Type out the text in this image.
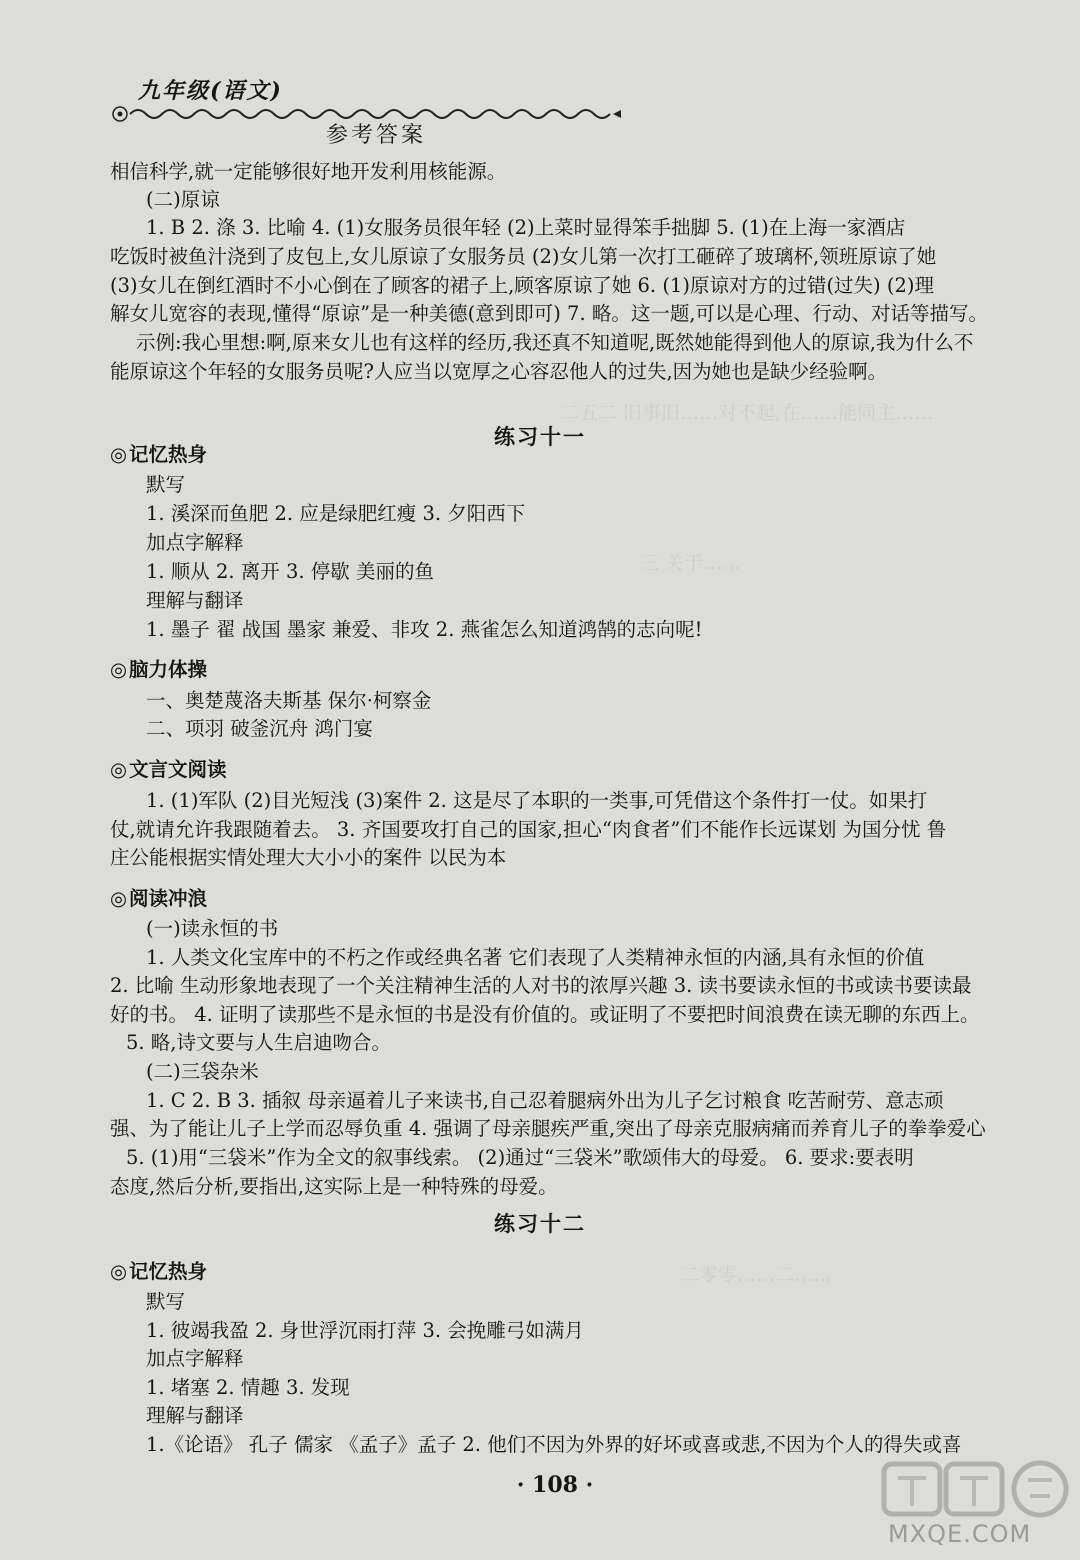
二五二 旧事旧……对不起,在……能同主……
三 关于……
二零零……二……
九年级(语文)
参考答案
相信科学,就一定能够很好地开发利用核能源。
(二)原谅
1. B 2. 涤 3. 比喻 4. (1)女服务员很年轻 (2)上菜时显得笨手拙脚 5. (1)在上海一家酒店
吃饭时被鱼汁浇到了皮包上,女儿原谅了女服务员 (2)女儿第一次打工砸碎了玻璃杯,领班原谅了她
(3)女儿在倒红酒时不小心倒在了顾客的裙子上,顾客原谅了她 6. (1)原谅对方的过错(过失) (2)理
解女儿宽容的表现,懂得“原谅”是一种美德(意到即可) 7. 略。这一题,可以是心理、行动、对话等描写。
示例:我心里想:啊,原来女儿也有这样的经历,我还真不知道呢,既然她能得到他人的原谅,我为什么不
能原谅这个年轻的女服务员呢?人应当以宽厚之心容忍他人的过失,因为她也是缺少经验啊。
练习十一
◎ 记忆热身
默写
1. 溪深而鱼肥 2. 应是绿肥红瘦 3. 夕阳西下
加点字解释
1. 顺从 2. 离开 3. 停歇 美丽的鱼
理解与翻译
1. 墨子 翟 战国 墨家 兼爱、非攻 2. 燕雀怎么知道鸿鹄的志向呢!
◎ 脑力体操
一、奥楚蔑洛夫斯基 保尔·柯察金
二、项羽 破釜沉舟 鸿门宴
◎ 文言文阅读
1. (1)军队 (2)目光短浅 (3)案件 2. 这是尽了本职的一类事,可凭借这个条件打一仗。如果打
仗,就请允许我跟随着去。 3. 齐国要攻打自己的国家,担心“肉食者”们不能作长远谋划 为国分忧 鲁
庄公能根据实情处理大大小小的案件 以民为本
◎ 阅读冲浪
(一)读永恒的书
1. 人类文化宝库中的不朽之作或经典名著 它们表现了人类精神永恒的内涵,具有永恒的价值
2. 比喻 生动形象地表现了一个关注精神生活的人对书的浓厚兴趣 3. 读书要读永恒的书或读书要读最
好的书。 4. 证明了读那些不是永恒的书是没有价值的。或证明了不要把时间浪费在读无聊的东西上。
5. 略,诗文要与人生启迪吻合。
(二)三袋杂米
1. C 2. B 3. 插叙 母亲逼着儿子来读书,自己忍着腿病外出为儿子乞讨粮食 吃苦耐劳、意志顽
强、为了能让儿子上学而忍辱负重 4. 强调了母亲腿疾严重,突出了母亲克服病痛而养育儿子的拳拳爱心
5. (1)用“三袋米”作为全文的叙事线索。 (2)通过“三袋米”歌颂伟大的母爱。 6. 要求:要表明
态度,然后分析,要指出,这实际上是一种特殊的母爱。
练习十二
◎ 记忆热身
默写
1. 彼竭我盈 2. 身世浮沉雨打萍 3. 会挽雕弓如满月
加点字解释
1. 堵塞 2. 情趣 3. 发现
理解与翻译
1.《论语》 孔子 儒家 《孟子》孟子 2. 他们不因为外界的好坏或喜或悲,不因为个人的得失或喜
· 108 ·
MXQE.COM
